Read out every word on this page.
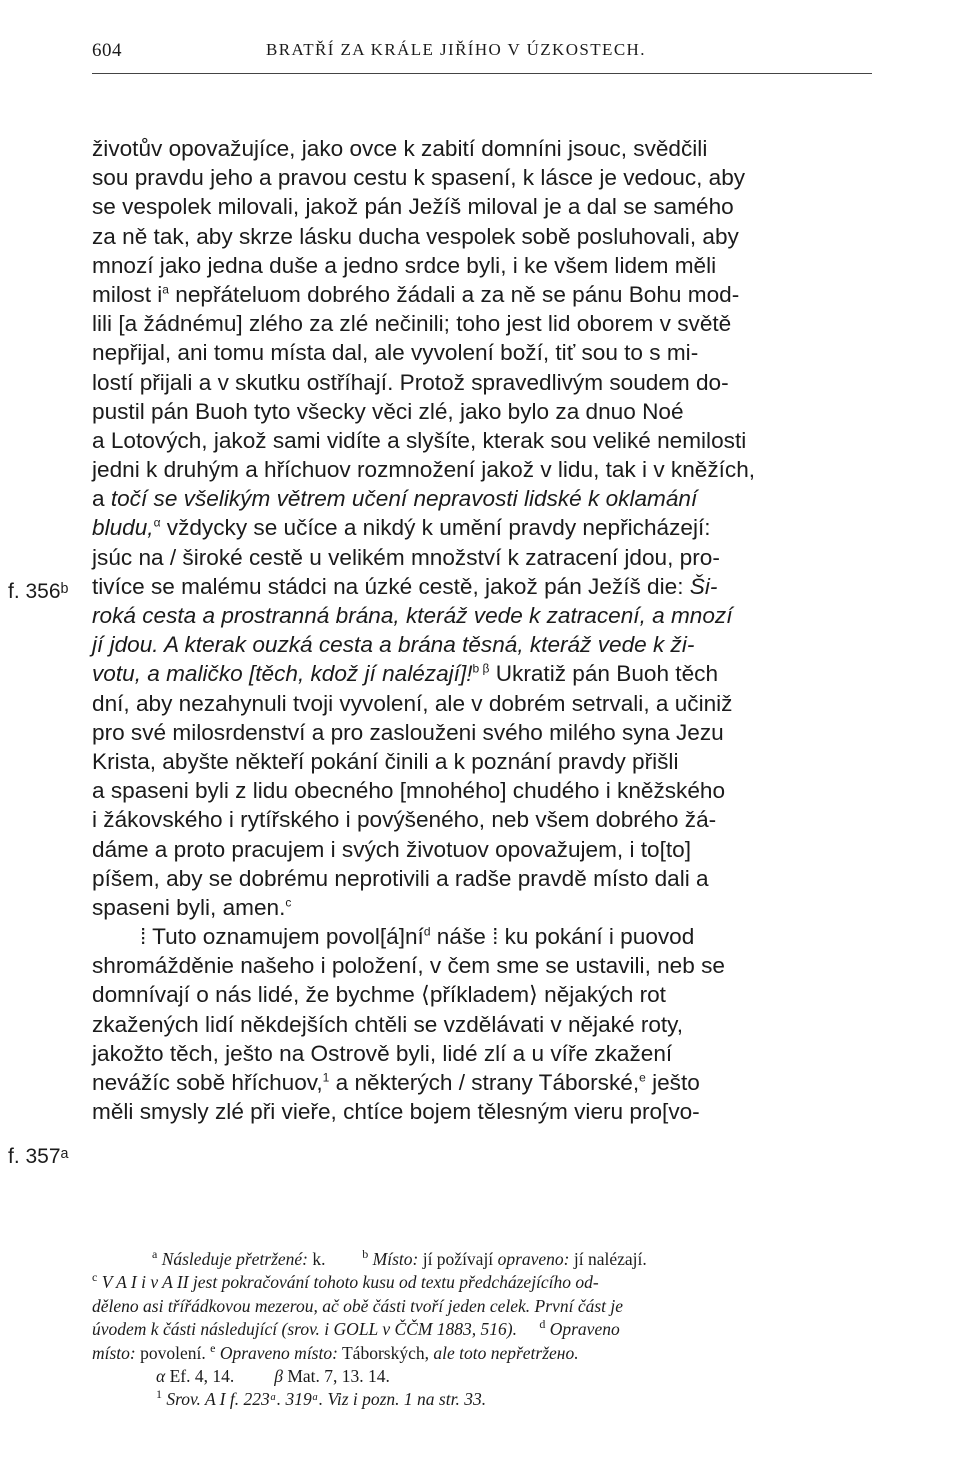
604	BRATŘÍ ZA KRÁLE JIŘÍHO V ÚZKOSTECH.
f. 356ᵇ
f. 357ᵃ
životův opovažujíce, jako ovce k zabití domníni jsouc, svědčili
sou pravdu jeho a pravou cestu k spasení, k lásce je vedouc, aby
se vespolek milovali, jakož pán Ježíš miloval je a dal se samého
za ně tak, aby skrze lásku ducha vespolek sobě posluhovali, aby
mnozí jako jedna duše a jedno srdce byli, i ke všem lidem měli
milost $i^a$ nepřáteluom dobrého žádali a za ně se pánu Bohu mod-
lili [a žádnému] zlého za zlé nečinili; toho jest lid oborem v světě
nepřijal, ani tomu místa dal, ale vyvolení boží, tiť sou to s mi-
lostí přijali a v skutku ostříhají. Protož spravedlivým soudem do-
pustil pán Buoh tyto všecky věci zlé, jako bylo za dnuo Noé
a Lotových, jakož sami vidíte a slyšíte, kterak sou veliké nemilosti
jedni k druhým a hříchuov rozmnožení jakož v lidu, tak i v kněžích,
a točí se všelikým větrem učení nepravosti lidské k oklamání
bludu,$^\alpha$ vždycky se učíce a nikdý k umění pravdy nepřicházejí:
jsúc na / široké cestě u velikém množství k zatracení jdou, pro-
tivíce se malému stádci na úzké cestě, jakož pán Ježíš die: Ši-
roká cesta a prostranná brána, kteráž vede k zatracení, a mnozí
jí jdou. A kterak ouzká cesta a brána těsná, kteráž vede k ži-
votu, a maličko [těch, kdož jí nalézají]!$^{b \beta}$ Ukratiž pán Buoh těch
dní, aby nezahynuli tvoji vyvolení, ale v dobrém setrvali, a učiniž
pro své milosrdenství a pro zaslouženi svého milého syna Jezu
Krista, abyšte někteří pokání činili a k poznání pravdy přišli
a spaseni byli z lidu obecného [mnohého] chudého i kněžského
i žákovského i rytířského i povýšeného, neb všem dobrého žá-
dáme a proto pracujem i svých životuov opovažujem, i to[to]
píšem, aby se dobrému neprotivili a radše pravdě místo dali a
spaseni byli, amen.$^c$
⁞ Tuto oznamujem $povol[á]ní^d$ náše ⁞ ku pokání i puovod
shromážděnie našeho i položení, v čem sme se ustavili, neb se
domnívají o nás lidé, že bychme ⟨příkladem⟩ nějakých rot
zkažených lidí někdejších chtěli se vzdělávati v nějaké roty,
jakožto těch, ješto na Ostrově byli, lidé zlí a u víře zkažení
nevážíc sobě hříchuov,$^1$ a některých / strany Táborské,$^e$ ješto
měli smysly zlé při vieře, chtíce bojem tělesným vieru pro[vo-
$^a$ Následuje přetržené: k.	$^b$ Místo: jí požívají opraveno: jí nalézají.
$^c$ V A I i v A II jest pokračování tohoto kusu od textu předcházejícího od-
děleno asi třířádkovou mezerou, ač obě části tvoří jeden celek. První část je
úvodem k části následující (srov. i GOLL v ČČM 1883, 516). $^d$ Opraveno
místo: povolení. $^e$ Opraveno místo: Táborských, ale toto nepřetržено.
α Ef. 4, 14. β Mat. 7, 13. 14.
$^1$ Srov. A I f. 223ᵃ. 319ᵃ. Viz i pozn. 1 na str. 33.
